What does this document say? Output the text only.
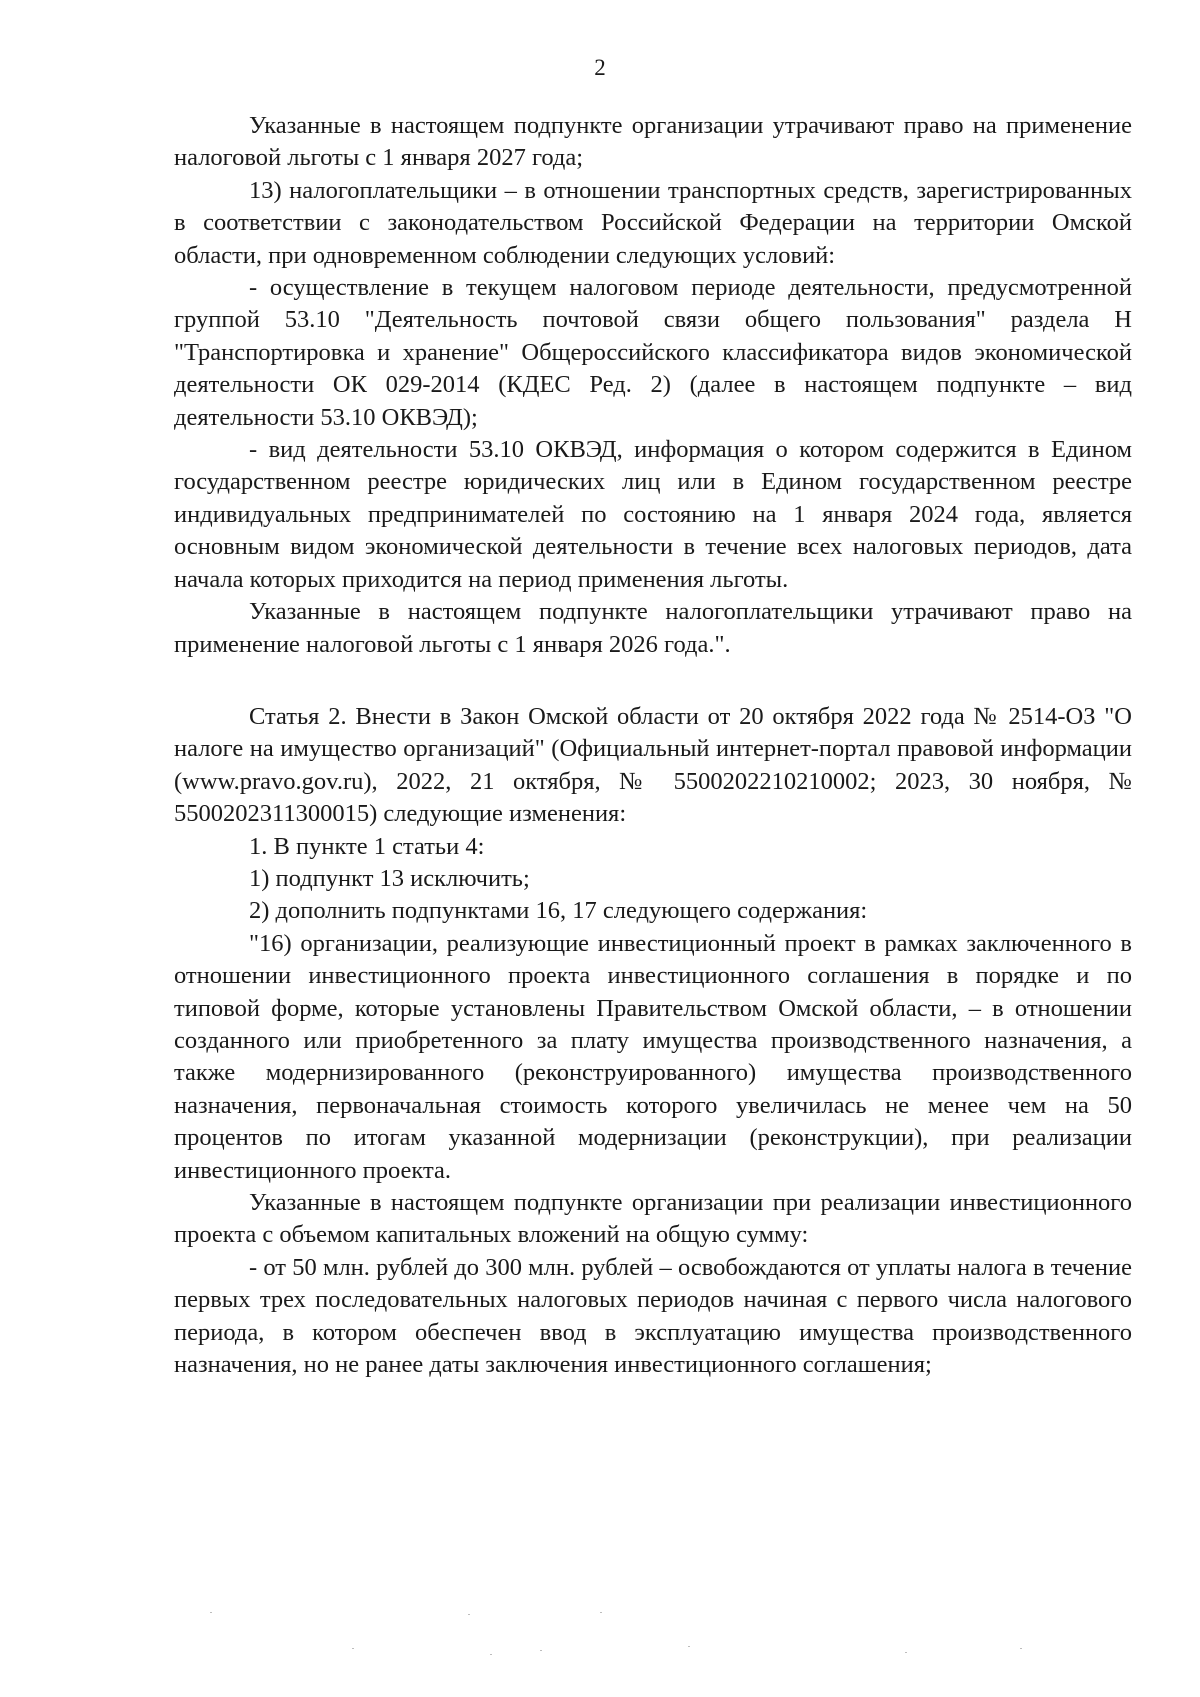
2

Указанные в настоящем подпункте организации утрачивают право на применение налоговой льготы с 1 января 2027 года;

13) налогоплательщики – в отношении транспортных средств, зарегистрированных в соответствии с законодательством Российской Федерации на территории Омской области, при одновременном соблюдении следующих условий:

- осуществление в текущем налоговом периоде деятельности, предусмотренной группой 53.10 "Деятельность почтовой связи общего пользования" раздела Н "Транспортировка и хранение" Общероссийского классификатора видов экономической деятельности ОК 029-2014 (КДЕС Ред. 2) (далее в настоящем подпункте – вид деятельности 53.10 ОКВЭД);

- вид деятельности 53.10 ОКВЭД, информация о котором содержится в Едином государственном реестре юридических лиц или в Едином государственном реестре индивидуальных предпринимателей по состоянию на 1 января 2024 года, является основным видом экономической деятельности в течение всех налоговых периодов, дата начала которых приходится на период применения льготы.

Указанные в настоящем подпункте налогоплательщики утрачивают право на применение налоговой льготы с 1 января 2026 года.".

Статья 2. Внести в Закон Омской области от 20 октября 2022 года № 2514-ОЗ "О налоге на имущество организаций" (Официальный интернет-портал правовой информации (www.pravo.gov.ru), 2022, 21 октября, № 5500202210210002; 2023, 30 ноября, № 5500202311300015) следующие изменения:

1. В пункте 1 статьи 4:

1) подпункт 13 исключить;

2) дополнить подпунктами 16, 17 следующего содержания:

"16) организации, реализующие инвестиционный проект в рамках заключенного в отношении инвестиционного проекта инвестиционного соглашения в порядке и по типовой форме, которые установлены Правительством Омской области, – в отношении созданного или приобретенного за плату имущества производственного назначения, а также модернизированного (реконструированного) имущества производственного назначения, первоначальная стоимость которого увеличилась не менее чем на 50 процентов по итогам указанной модернизации (реконструкции), при реализации инвестиционного проекта.

Указанные в настоящем подпункте организации при реализации инвестиционного проекта с объемом капитальных вложений на общую сумму:

- от 50 млн. рублей до 300 млн. рублей – освобождаются от уплаты налога в течение первых трех последовательных налоговых периодов начиная с первого числа налогового периода, в котором обеспечен ввод в эксплуатацию имущества производственного назначения, но не ранее даты заключения инвестиционного соглашения;
